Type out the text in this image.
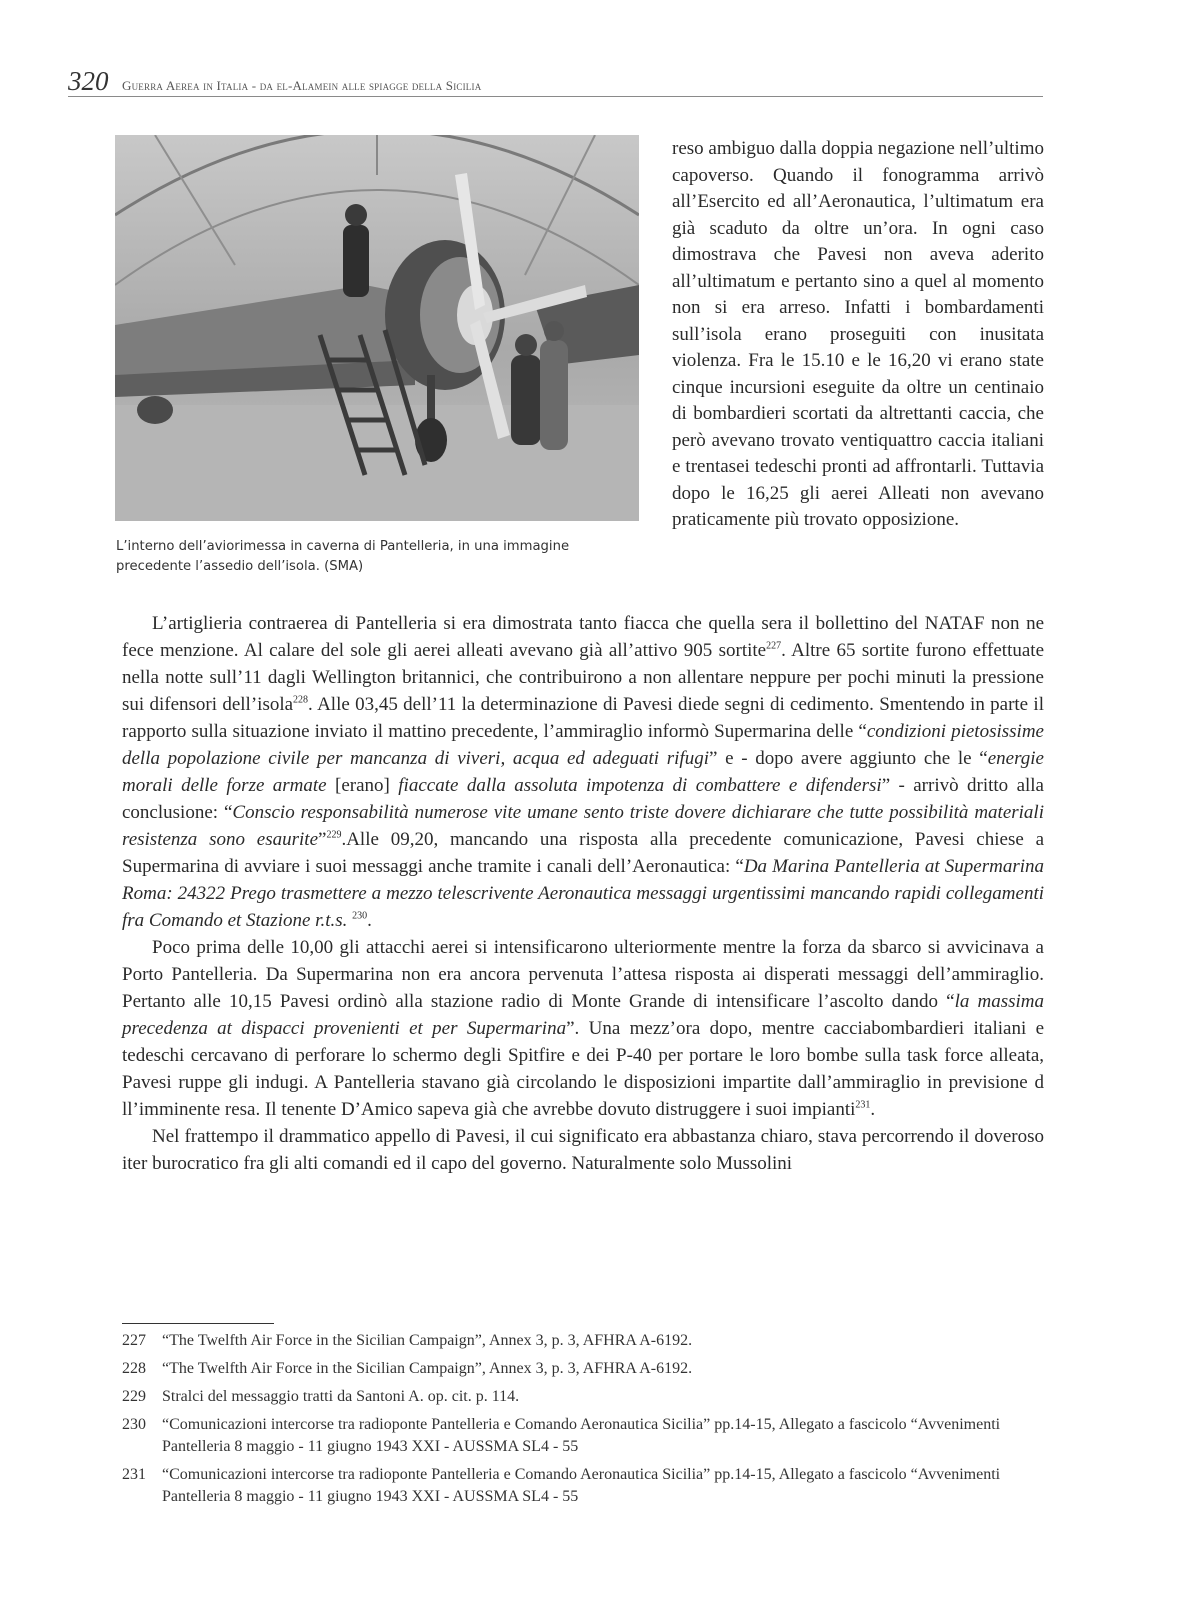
320 Guerra Aerea in Italia - da el-Alamein alle spiagge della Sicilia
L’interno dell’aviorimessa in caverna di Pantelleria, in una immagine precedente l’assedio dell’isola. (SMA)
reso ambiguo dalla doppia negazione nell’ultimo capoverso. Quando il fonogramma arrivò all’Esercito ed all’Aeronautica, l’ultimatum era già scaduto da oltre un’ora. In ogni caso dimostrava che Pavesi non aveva aderito all’ultimatum e pertanto sino a quel al momento non si era arreso. Infatti i bombardamenti sull’isola erano proseguiti con inusitata violenza. Fra le 15.10 e le 16,20 vi erano state cinque incursioni eseguite da oltre un centinaio di bombardieri scortati da altrettanti caccia, che però avevano trovato ventiquattro caccia italiani e trentasei tedeschi pronti ad affrontarli. Tuttavia dopo le 16,25 gli aerei Alleati non avevano praticamente più trovato opposizione.

L’artiglieria contraerea di Pantelleria si era dimostrata tanto fiacca che quella sera il bollettino del NATAF non ne fece menzione. Al calare del sole gli aerei alleati avevano già all’attivo 905 sortite$^{227}$. Altre 65 sortite furono effettuate nella notte sull’11 dagli Wellington britannici, che contribuirono a non allentare neppure per pochi minuti la pressione sui difensori dell’isola$^{228}$. Alle 03,45 dell’11 la determinazione di Pavesi diede segni di cedimento. Smentendo in parte il rapporto sulla situazione inviato il mattino precedente, l’ammiraglio informò Supermarina delle “condizioni pietosissime della popolazione civile per mancanza di viveri, acqua ed adeguati rifugi” e - dopo avere aggiunto che le “energie morali delle forze armate [erano] fiaccate dalla assoluta impotenza di combattere e difendersi” - arrivò dritto alla conclusione: “Conscio responsabilità numerose vite umane sento triste dovere dichiarare che tutte possibilità materiali resistenza sono esaurite”$^{229}$.Alle 09,20, mancando una risposta alla precedente comunicazione, Pavesi chiese a Supermarina di avviare i suoi messaggi anche tramite i canali dell’Aeronautica: “Da Marina Pantelleria at Supermarina Roma: 24322 Prego trasmettere a mezzo telescrivente Aeronautica messaggi urgentissimi mancando rapidi collegamenti fra Comando et Stazione r.t.s. $^{230}$.

Poco prima delle 10,00 gli attacchi aerei si intensificarono ulteriormente mentre la forza da sbarco si avvicinava a Porto Pantelleria. Da Supermarina non era ancora pervenuta l’attesa risposta ai disperati messaggi dell’ammiraglio. Pertanto alle 10,15 Pavesi ordinò alla stazione radio di Monte Grande di intensificare l’ascolto dando “la massima precedenza at dispacci provenienti et per Supermarina”. Una mezz’ora dopo, mentre cacciabombardieri italiani e tedeschi cercavano di perforare lo schermo degli Spitfire e dei P-40 per portare le loro bombe sulla task force alleata, Pavesi ruppe gli indugi. A Pantelleria stavano già circolando le disposizioni impartite dall’ammiraglio in previsione d ll’imminente resa. Il tenente D’Amico sapeva già che avrebbe dovuto distruggere i suoi impianti$^{231}$.

Nel frattempo il drammatico appello di Pavesi, il cui significato era abbastanza chiaro, stava percorrendo il doveroso iter burocratico fra gli alti comandi ed il capo del governo. Naturalmente solo Mussolini

227	“The Twelfth Air Force in the Sicilian Campaign”, Annex 3, p. 3, AFHRA A-6192.
228	“The Twelfth Air Force in the Sicilian Campaign”, Annex 3, p. 3, AFHRA A-6192.
229	Stralci del messaggio tratti da Santoni A. op. cit. p. 114.
230	“Comunicazioni intercorse tra radioponte Pantelleria e Comando Aeronautica Sicilia” pp.14-15, Allegato a fascicolo “Avvenimenti Pantelleria 8 maggio - 11 giugno 1943 XXI - AUSSMA SL4 - 55
231	“Comunicazioni intercorse tra radioponte Pantelleria e Comando Aeronautica Sicilia” pp.14-15, Allegato a fascicolo “Avvenimenti Pantelleria 8 maggio - 11 giugno 1943 XXI - AUSSMA SL4 - 55
